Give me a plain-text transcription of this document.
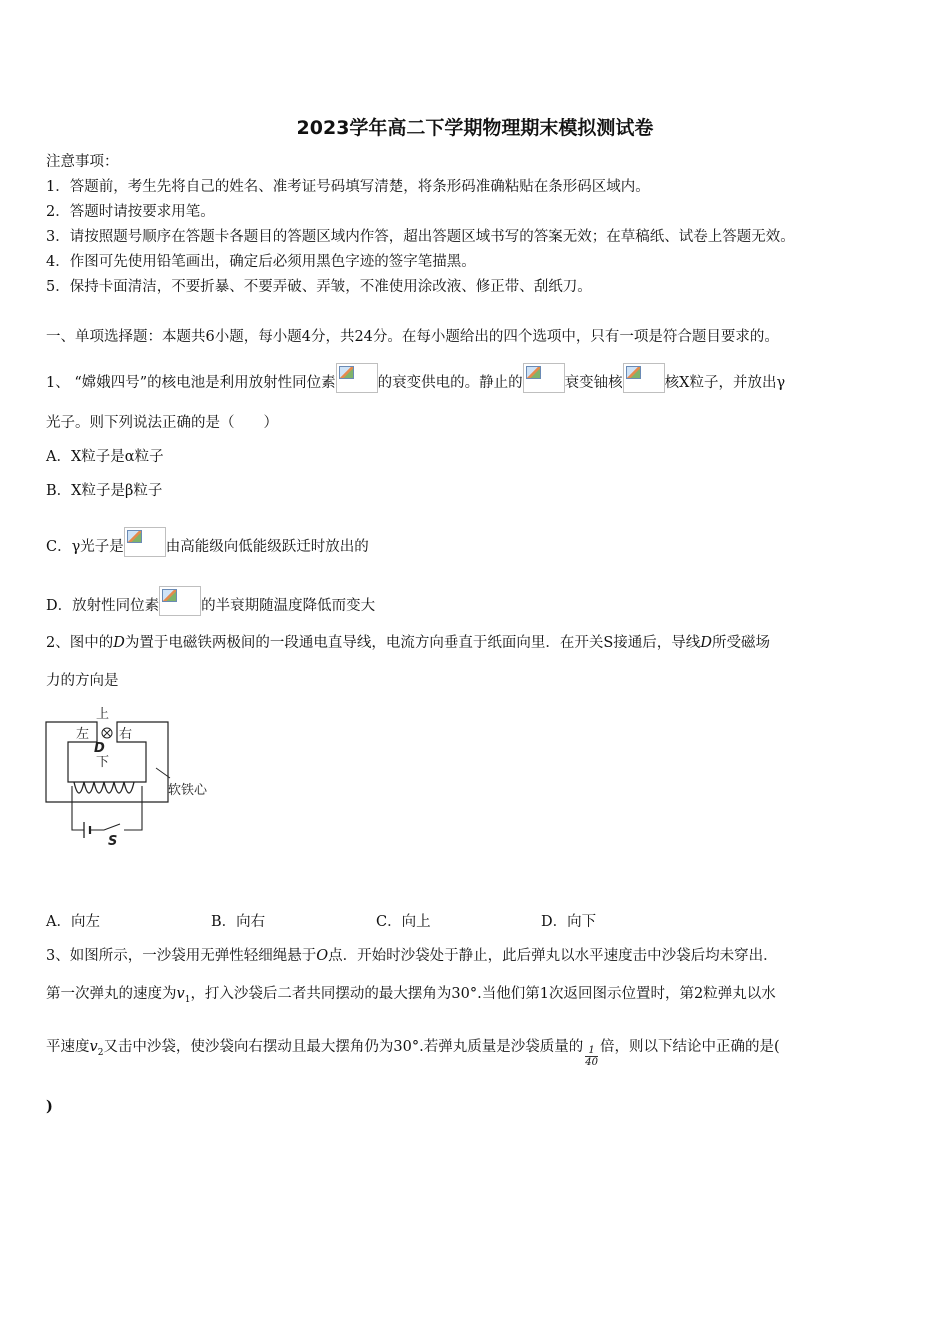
2023学年高二下学期物理期末模拟测试卷
注意事项：
1．答题前，考生先将自己的姓名、准考证号码填写清楚，将条形码准确粘贴在条形码区域内。
2．答题时请按要求用笔。
3．请按照题号顺序在答题卡各题目的答题区域内作答，超出答题区域书写的答案无效；在草稿纸、试卷上答题无效。
4．作图可先使用铅笔画出，确定后必须用黑色字迹的签字笔描黑。
5．保持卡面清洁，不要折暴、不要弄破、弄皱，不准使用涂改液、修正带、刮纸刀。
一、单项选择题：本题共6小题，每小题4分，共24分。在每小题给出的四个选项中，只有一项是符合题目要求的。
1、 “嫦娥四号”的核电池是利用放射性同位素	的衰变供电的。静止的	衰变铀核	核X粒子，并放出γ
光子。则下列说法正确的是（　　）
A．X粒子是α粒子
B．X粒子是β粒子
C．γ光子是	由高能级向低能级跃迁时放出的
D．放射性同位素	的半衰期随温度降低而变大
2、图中的D为置于电磁铁两极间的一段通电直导线，电流方向垂直于纸面向里．在开关S接通后，导线D所受磁场
力的方向是
上
左 右
D
下
软铁心
S
A．向左	B．向右	C．向上	D．向下
3、如图所示，一沙袋用无弹性轻细绳悬于O点．开始时沙袋处于静止，此后弹丸以水平速度击中沙袋后均未穿出．
第一次弹丸的速度为$v_1$，打入沙袋后二者共同摆动的最大摆角为30°.当他们第1次返回图示位置时，第2粒弹丸以水
平速度$v_2$又击中沙袋，使沙袋向右摆动且最大摆角仍为30°.若弹丸质量是沙袋质量的 $\frac{1}{40}$ 倍，则以下结论中正确的是(
)
